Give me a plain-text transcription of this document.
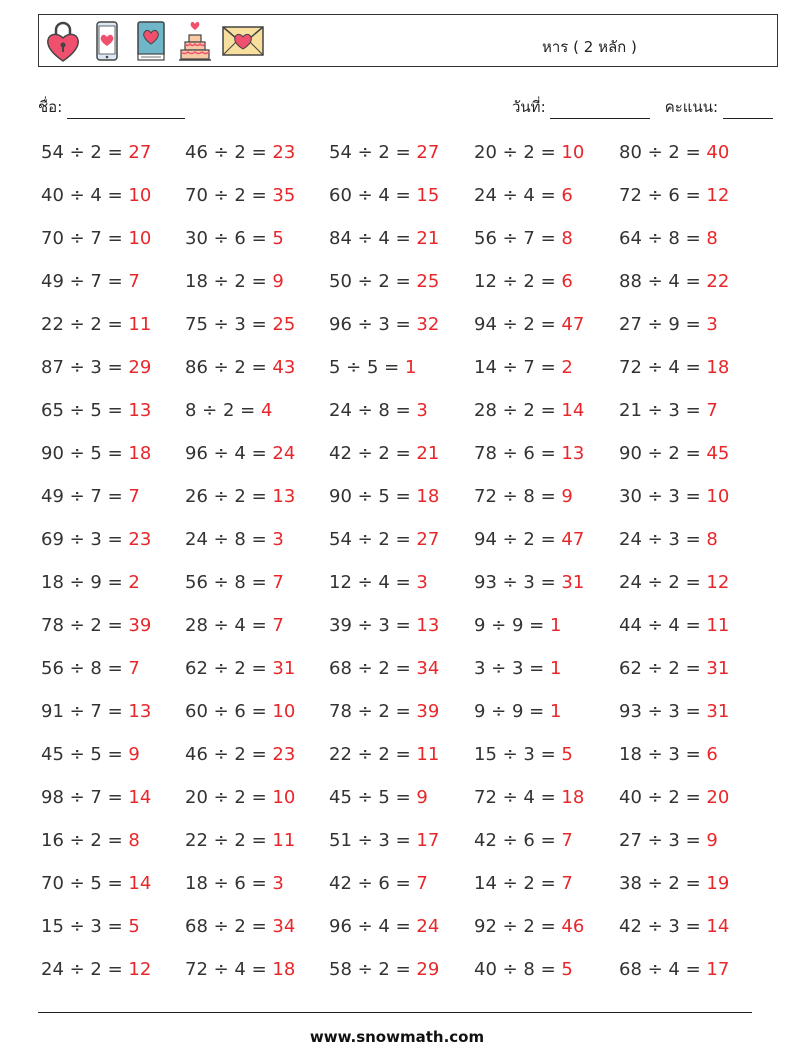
หาร ( 2 หลัก )
ชื่อ:	วันที่:	คะแนน:
54 ÷ 2 = 27 46 ÷ 2 = 23 54 ÷ 2 = 27 20 ÷ 2 = 10 80 ÷ 2 = 40
40 ÷ 4 = 10 70 ÷ 2 = 35 60 ÷ 4 = 15 24 ÷ 4 = 6	72 ÷ 6 = 12
70 ÷ 7 = 10 30 ÷ 6 = 5	84 ÷ 4 = 21 56 ÷ 7 = 8	64 ÷ 8 = 8
49 ÷ 7 = 7	18 ÷ 2 = 9	50 ÷ 2 = 25 12 ÷ 2 = 6	88 ÷ 4 = 22
22 ÷ 2 = 11 75 ÷ 3 = 25 96 ÷ 3 = 32 94 ÷ 2 = 47 27 ÷ 9 = 3
87 ÷ 3 = 29 86 ÷ 2 = 43 5 ÷ 5 = 1	14 ÷ 7 = 2	72 ÷ 4 = 18
65 ÷ 5 = 13 8 ÷ 2 = 4	24 ÷ 8 = 3	28 ÷ 2 = 14 21 ÷ 3 = 7
90 ÷ 5 = 18 96 ÷ 4 = 24 42 ÷ 2 = 21 78 ÷ 6 = 13 90 ÷ 2 = 45
49 ÷ 7 = 7	26 ÷ 2 = 13 90 ÷ 5 = 18 72 ÷ 8 = 9	30 ÷ 3 = 10
69 ÷ 3 = 23 24 ÷ 8 = 3	54 ÷ 2 = 27 94 ÷ 2 = 47 24 ÷ 3 = 8
18 ÷ 9 = 2	56 ÷ 8 = 7	12 ÷ 4 = 3	93 ÷ 3 = 31 24 ÷ 2 = 12
78 ÷ 2 = 39 28 ÷ 4 = 7	39 ÷ 3 = 13 9 ÷ 9 = 1	44 ÷ 4 = 11
56 ÷ 8 = 7	62 ÷ 2 = 31 68 ÷ 2 = 34 3 ÷ 3 = 1	62 ÷ 2 = 31
91 ÷ 7 = 13 60 ÷ 6 = 10 78 ÷ 2 = 39 9 ÷ 9 = 1	93 ÷ 3 = 31
45 ÷ 5 = 9	46 ÷ 2 = 23 22 ÷ 2 = 11 15 ÷ 3 = 5	18 ÷ 3 = 6
98 ÷ 7 = 14 20 ÷ 2 = 10 45 ÷ 5 = 9	72 ÷ 4 = 18 40 ÷ 2 = 20
16 ÷ 2 = 8	22 ÷ 2 = 11 51 ÷ 3 = 17 42 ÷ 6 = 7	27 ÷ 3 = 9
70 ÷ 5 = 14 18 ÷ 6 = 3	42 ÷ 6 = 7	14 ÷ 2 = 7	38 ÷ 2 = 19
15 ÷ 3 = 5	68 ÷ 2 = 34 96 ÷ 4 = 24 92 ÷ 2 = 46 42 ÷ 3 = 14
24 ÷ 2 = 12 72 ÷ 4 = 18 58 ÷ 2 = 29 40 ÷ 8 = 5	68 ÷ 4 = 17
www.snowmath.com
